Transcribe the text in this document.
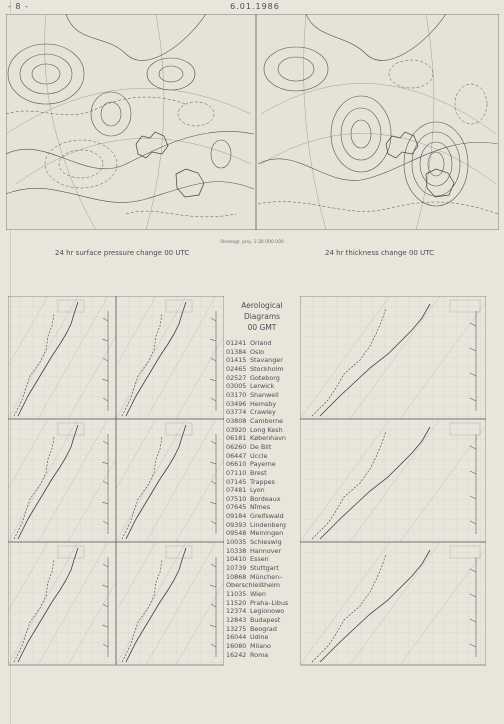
- 8 -	6.01.1986
Stereogr. proj. 1:30 000 000
24 hr surface pressure change 00 UTC	24 hr thickness change 00 UTC
Aerological
Diagrams
00 GMT
01241 Orland
01384 Oslo
01415 Stavanger
02465 Stockholm
02527 Goteborg
03005 Lerwick
03170 Shanwell
03496 Hemsby
03774 Crawley
03808 Camborne
03920 Long Kesh
06181 København
06260 De Bilt
06447 Uccle
06610 Payerne
07110 Brest
07145 Trappes
07481 Lyon
07510 Bordeaux
07645 Nîmes
09184 Greifswald
09393 Lindenberg
09548 Meiningen
10035 Schleswig
10338 Hannover
10410 Essen
10739 Stuttgart
10868 München–
Oberschleißheim
11035 Wien
11520 Praha–Libus
12374 Legionowo
12843 Budapest
13275 Beograd
16044 Udine
16080 Milano
16242 Roma
